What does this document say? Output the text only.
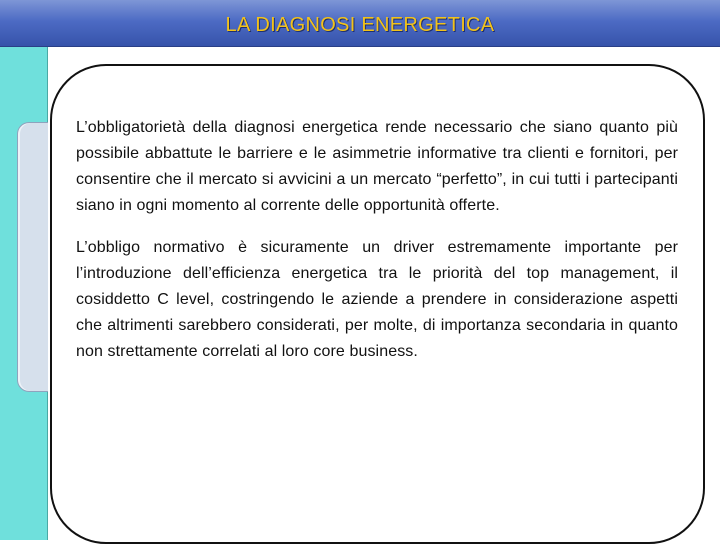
LA DIAGNOSI ENERGETICA

L’obbligatorietà della diagnosi energetica rende necessario che siano quanto più possibile abbattute le barriere e le asimmetrie informative tra clienti e fornitori, per consentire che il mercato si avvicini a un mercato “perfetto”, in cui tutti i partecipanti siano in ogni momento al corrente delle opportunità offerte.

L’obbligo normativo è sicuramente un driver estremamente importante per l’introduzione dell’efficienza energetica tra le priorità del top management, il cosiddetto C level, costringendo le aziende a prendere in considerazione aspetti che altrimenti sarebbero considerati, per molte, di importanza secondaria in quanto non strettamente correlati al loro core business.
